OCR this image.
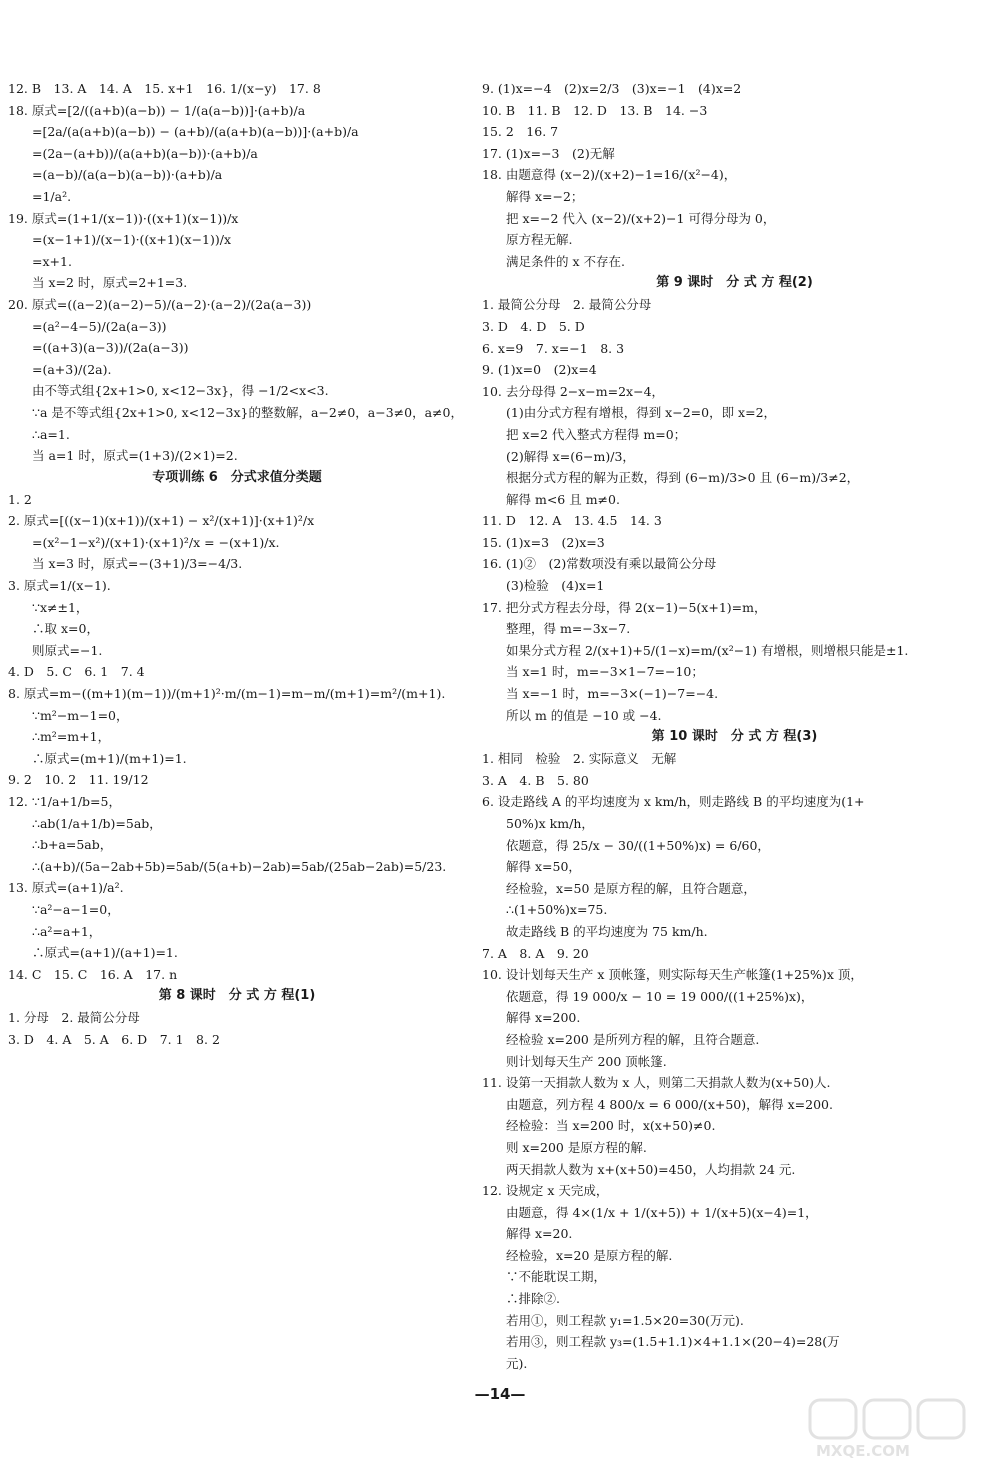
12. B　13. A　14. A　15. x+1　16. 1/(x−y)　17. 8
18. 原式=[2/((a+b)(a−b)) − 1/(a(a−b))]·(a+b)/a
=[2a/(a(a+b)(a−b)) − (a+b)/(a(a+b)(a−b))]·(a+b)/a
=(2a−(a+b))/(a(a+b)(a−b))·(a+b)/a
=(a−b)/(a(a−b)(a−b))·(a+b)/a
=1/a².
19. 原式=(1+1/(x−1))·((x+1)(x−1))/x
=(x−1+1)/(x−1)·((x+1)(x−1))/x
=x+1.
当 x=2 时，原式=2+1=3.
20. 原式=((a−2)(a−2)−5)/(a−2)·(a−2)/(2a(a−3))
=(a²−4−5)/(2a(a−3))
=((a+3)(a−3))/(2a(a−3))
=(a+3)/(2a).
由不等式组{2x+1>0, x<12−3x}，得 −1/2<x<3.
∵a 是不等式组{2x+1>0, x<12−3x}的整数解，a−2≠0，a−3≠0，a≠0，
∴a=1.
当 a=1 时，原式=(1+3)/(2×1)=2.
专项训练 6　分式求值分类题
1. 2
2. 原式=[((x−1)(x+1))/(x+1) − x²/(x+1)]·(x+1)²/x
=(x²−1−x²)/(x+1)·(x+1)²/x = −(x+1)/x.
当 x=3 时，原式=−(3+1)/3=−4/3.
3. 原式=1/(x−1).
∵x≠±1，
∴取 x=0，
则原式=−1.
4. D　5. C　6. 1　7. 4
8. 原式=m−((m+1)(m−1))/(m+1)²·m/(m−1)=m−m/(m+1)=m²/(m+1).
∵m²−m−1=0，
∴m²=m+1，
∴原式=(m+1)/(m+1)=1.
9. 2　10. 2　11. 19/12
12. ∵1/a+1/b=5，
∴ab(1/a+1/b)=5ab，
∴b+a=5ab，
∴(a+b)/(5a−2ab+5b)=5ab/(5(a+b)−2ab)=5ab/(25ab−2ab)=5/23.
13. 原式=(a+1)/a².
∵a²−a−1=0，
∴a²=a+1，
∴原式=(a+1)/(a+1)=1.
14. C　15. C　16. A　17. n
第 8 课时　分 式 方 程(1)
1. 分母　2. 最简公分母
3. D　4. A　5. A　6. D　7. 1　8. 2
9. (1)x=−4　(2)x=2/3　(3)x=−1　(4)x=2
10. B　11. B　12. D　13. B　14. −3
15. 2　16. 7
17. (1)x=−3　(2)无解
18. 由题意得 (x−2)/(x+2)−1=16/(x²−4)，
解得 x=−2；
把 x=−2 代入 (x−2)/(x+2)−1 可得分母为 0，
原方程无解.
满足条件的 x 不存在.
第 9 课时　分 式 方 程(2)
1. 最简公分母　2. 最简公分母
3. D　4. D　5. D
6. x=9　7. x=−1　8. 3
9. (1)x=0　(2)x=4
10. 去分母得 2−x−m=2x−4，
(1)由分式方程有增根，得到 x−2=0，即 x=2，
把 x=2 代入整式方程得 m=0；
(2)解得 x=(6−m)/3，
根据分式方程的解为正数，得到 (6−m)/3>0 且 (6−m)/3≠2，
解得 m<6 且 m≠0.
11. D　12. A　13. 4.5　14. 3
15. (1)x=3　(2)x=3
16. (1)②　(2)常数项没有乘以最简公分母
(3)检验　(4)x=1
17. 把分式方程去分母，得 2(x−1)−5(x+1)=m，
整理，得 m=−3x−7.
如果分式方程 2/(x+1)+5/(1−x)=m/(x²−1) 有增根，则增根只能是±1.
当 x=1 时，m=−3×1−7=−10；
当 x=−1 时，m=−3×(−1)−7=−4.
所以 m 的值是 −10 或 −4.
第 10 课时　分 式 方 程(3)
1. 相同　检验　2. 实际意义　无解
3. A　4. B　5. 80
6. 设走路线 A 的平均速度为 x km/h，则走路线 B 的平均速度为(1+
50%)x km/h，
依题意，得 25/x − 30/((1+50%)x) = 6/60，
解得 x=50，
经检验，x=50 是原方程的解，且符合题意，
∴(1+50%)x=75.
故走路线 B 的平均速度为 75 km/h.
7. A　8. A　9. 20
10. 设计划每天生产 x 顶帐篷，则实际每天生产帐篷(1+25%)x 顶，
依题意，得 19 000/x − 10 = 19 000/((1+25%)x)，
解得 x=200.
经检验 x=200 是所列方程的解，且符合题意.
则计划每天生产 200 顶帐篷.
11. 设第一天捐款人数为 x 人，则第二天捐款人数为(x+50)人.
由题意，列方程 4 800/x = 6 000/(x+50)，解得 x=200.
经检验：当 x=200 时，x(x+50)≠0.
则 x=200 是原方程的解.
两天捐款人数为 x+(x+50)=450，人均捐款 24 元.
12. 设规定 x 天完成，
由题意，得 4×(1/x + 1/(x+5)) + 1/(x+5)(x−4)=1，
解得 x=20.
经检验，x=20 是原方程的解.
∵不能耽误工期，
∴排除②.
若用①，则工程款 y₁=1.5×20=30(万元).
若用③，则工程款 y₃=(1.5+1.1)×4+1.1×(20−4)=28(万
元).
—14—
MXQE.COM
